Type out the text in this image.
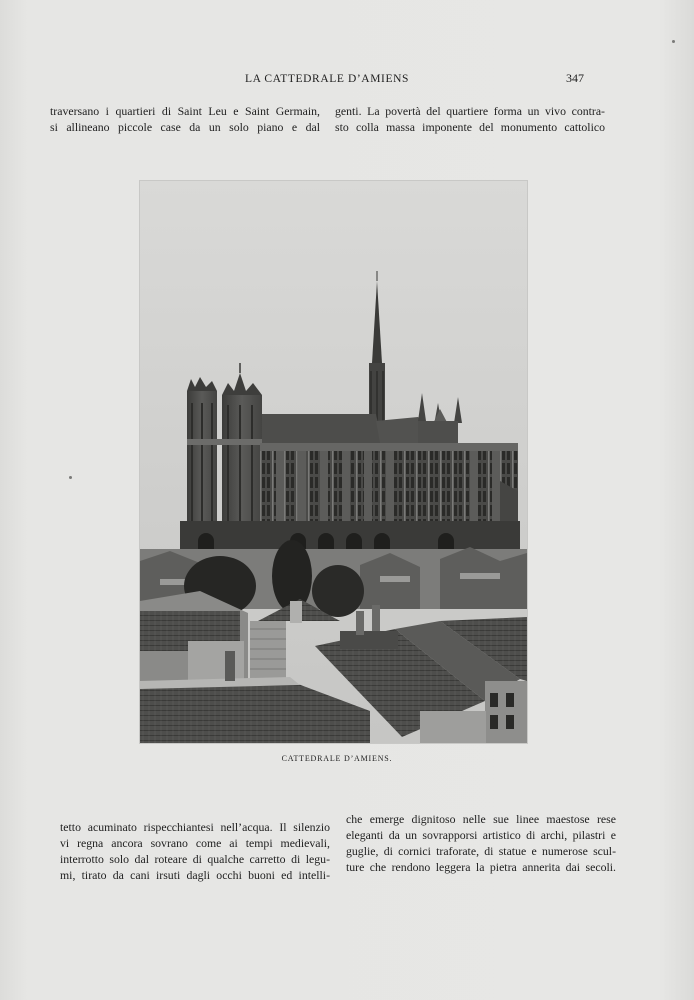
LA CATTEDRALE D’AMIENS	347
traversano i quartieri di Saint Leu e Saint Germain,
si allineano piccole case da un solo piano e dal
genti. La povertà del quartiere forma un vivo contra-
sto colla massa imponente del monumento cattolico
CATTEDRALE D’AMIENS.
tetto acuminato rispecchiantesi nell’acqua. Il silenzio
vi regna ancora sovrano come ai tempi medievali,
interrotto solo dal roteare di qualche carretto di legu-
mi, tirato da cani irsuti dagli occhi buoni ed intelli-
che emerge dignitoso nelle sue linee maestose rese
eleganti da un sovrapporsi artistico di archi, pilastri e
guglie, di cornici traforate, di statue e numerose scul-
ture che rendono leggera la pietra annerita dai secoli.
